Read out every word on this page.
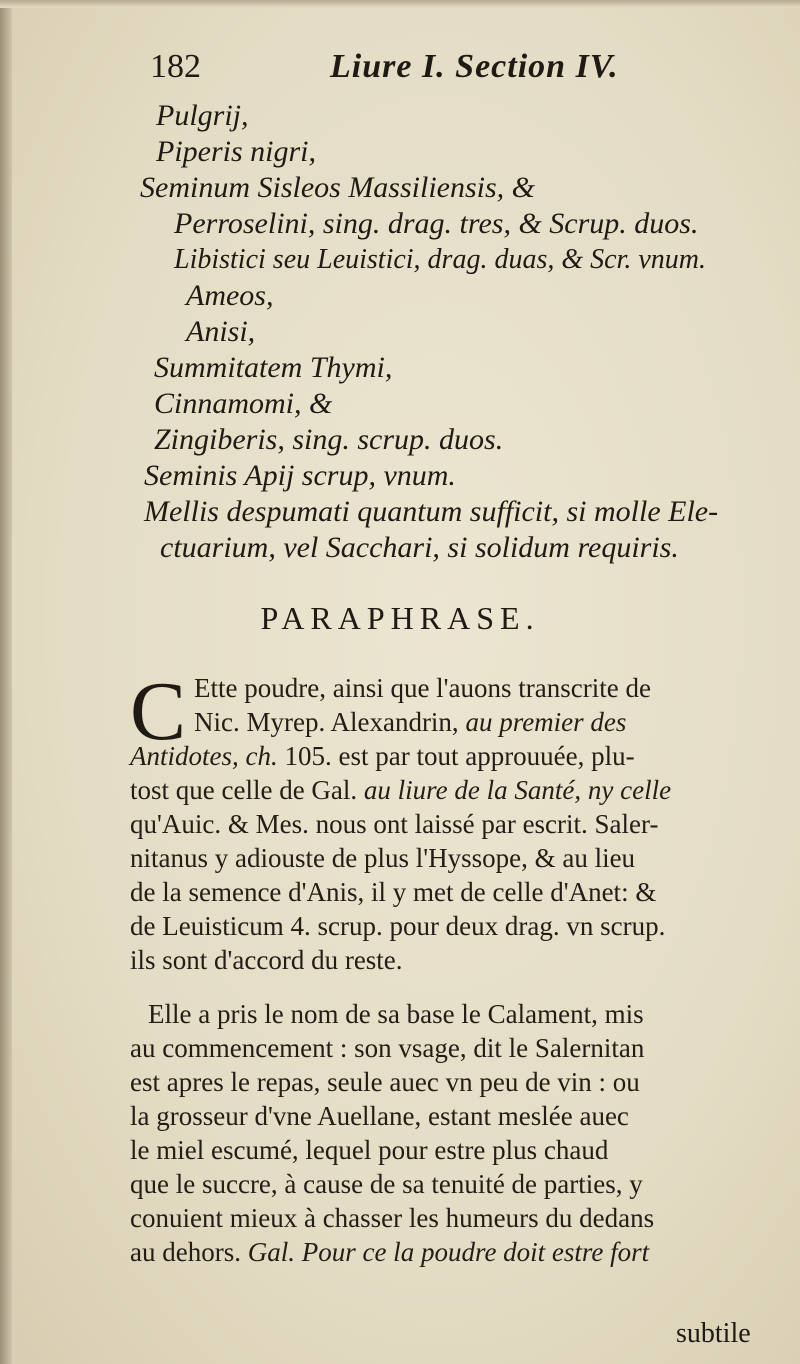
182	Liure I. Section IV.
Pulgrij,
Piperis nigri,
Seminum Sisleos Massiliensis, &
Perroselini, sing. drag. tres, & Scrup. duos.
Libistici seu Leuistici, drag. duas, & Scr. vnum.
Ameos,
Anisi,
Summitatem Thymi,
Cinnamomi, &
Zingiberis, sing. scrup. duos.
Seminis Apij scrup, vnum.
Mellis despumati quantum sufficit, si molle Ele-
ctuarium, vel Sacchari, si solidum requiris.
PARAPHRASE.
C Ette poudre, ainsi que l'auons transcrite de
Nic. Myrep. Alexandrin, au premier des
Antidotes, ch. 105. est par tout approuuée, plu-
tost que celle de Gal. au liure de la Santé, ny celle
qu'Auic. & Mes. nous ont laissé par escrit. Saler-
nitanus y adiouste de plus l'Hyssope, & au lieu
de la semence d'Anis, il y met de celle d'Anet: &
de Leuisticum 4. scrup. pour deux drag. vn scrup.
ils sont d'accord du reste.
Elle a pris le nom de sa base le Calament, mis
au commencement : son vsage, dit le Salernitan
est apres le repas, seule auec vn peu de vin : ou
la grosseur d'vne Auellane, estant meslée auec
le miel escumé, lequel pour estre plus chaud
que le succre, à cause de sa tenuité de parties, y
conuient mieux à chasser les humeurs du dedans
au dehors. Gal. Pour ce la poudre doit estre fort
subtile
